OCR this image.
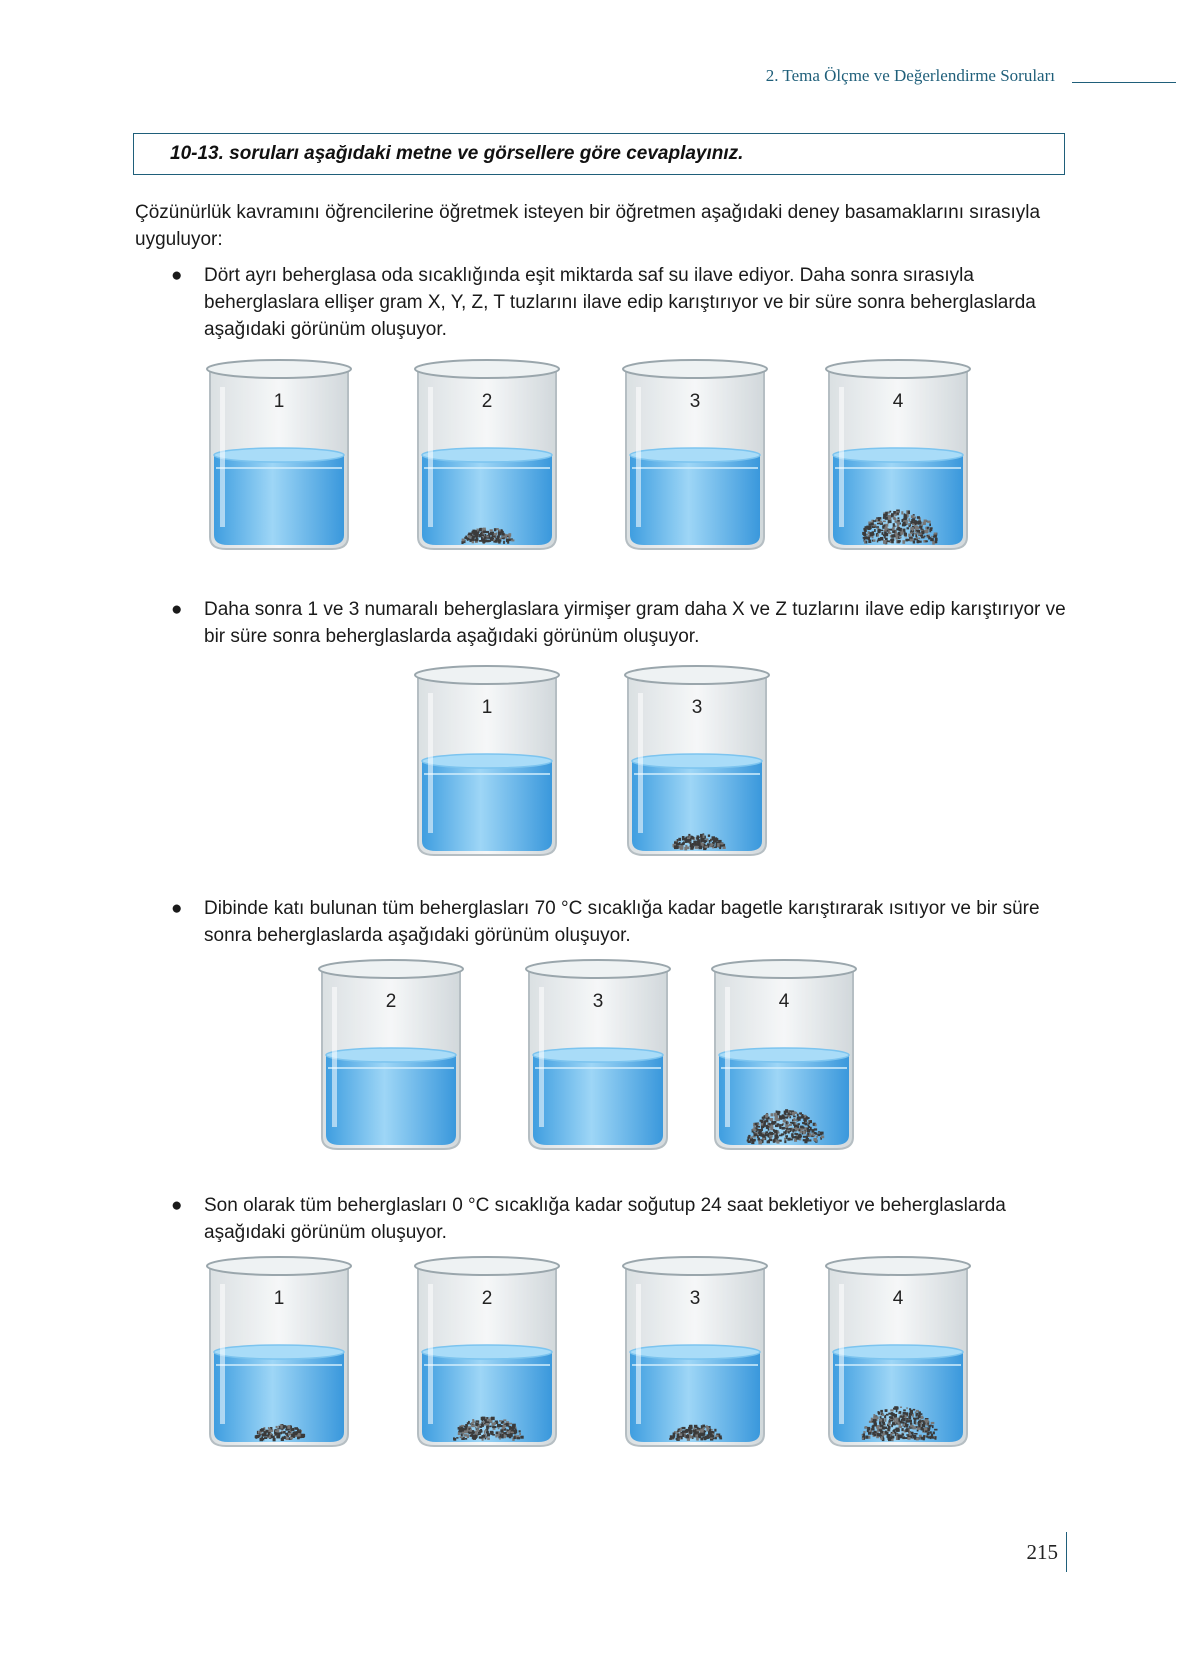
2. Tema Ölçme ve Değerlendirme Soruları
10-13. soruları aşağıdaki metne ve görsellere göre cevaplayınız.
Çözünürlük kavramını öğrencilerine öğretmek isteyen bir öğretmen aşağıdaki deney basamaklarını sırasıyla uyguluyor:
● Dört ayrı beherglasa oda sıcaklığında eşit miktarda saf su ilave ediyor. Daha sonra sırasıyla beherglaslara ellişer gram X, Y, Z, T tuzlarını ilave edip karıştırıyor ve bir süre sonra beherglaslarda aşağıdaki görünüm oluşuyor.
1	2	3	4
● Daha sonra 1 ve 3 numaralı beherglaslara yirmişer gram daha X ve Z tuzlarını ilave edip karıştırıyor ve bir süre sonra beherglaslarda aşağıdaki görünüm oluşuyor.
1	3
● Dibinde katı bulunan tüm beherglasları 70 °C sıcaklığa kadar bagetle karıştırarak ısıtıyor ve bir süre sonra beherglaslarda aşağıdaki görünüm oluşuyor.
2	3	4
● Son olarak tüm beherglasları 0 °C sıcaklığa kadar soğutup 24 saat bekletiyor ve beherglaslarda aşağıdaki görünüm oluşuyor.
1	2	3	4
215
